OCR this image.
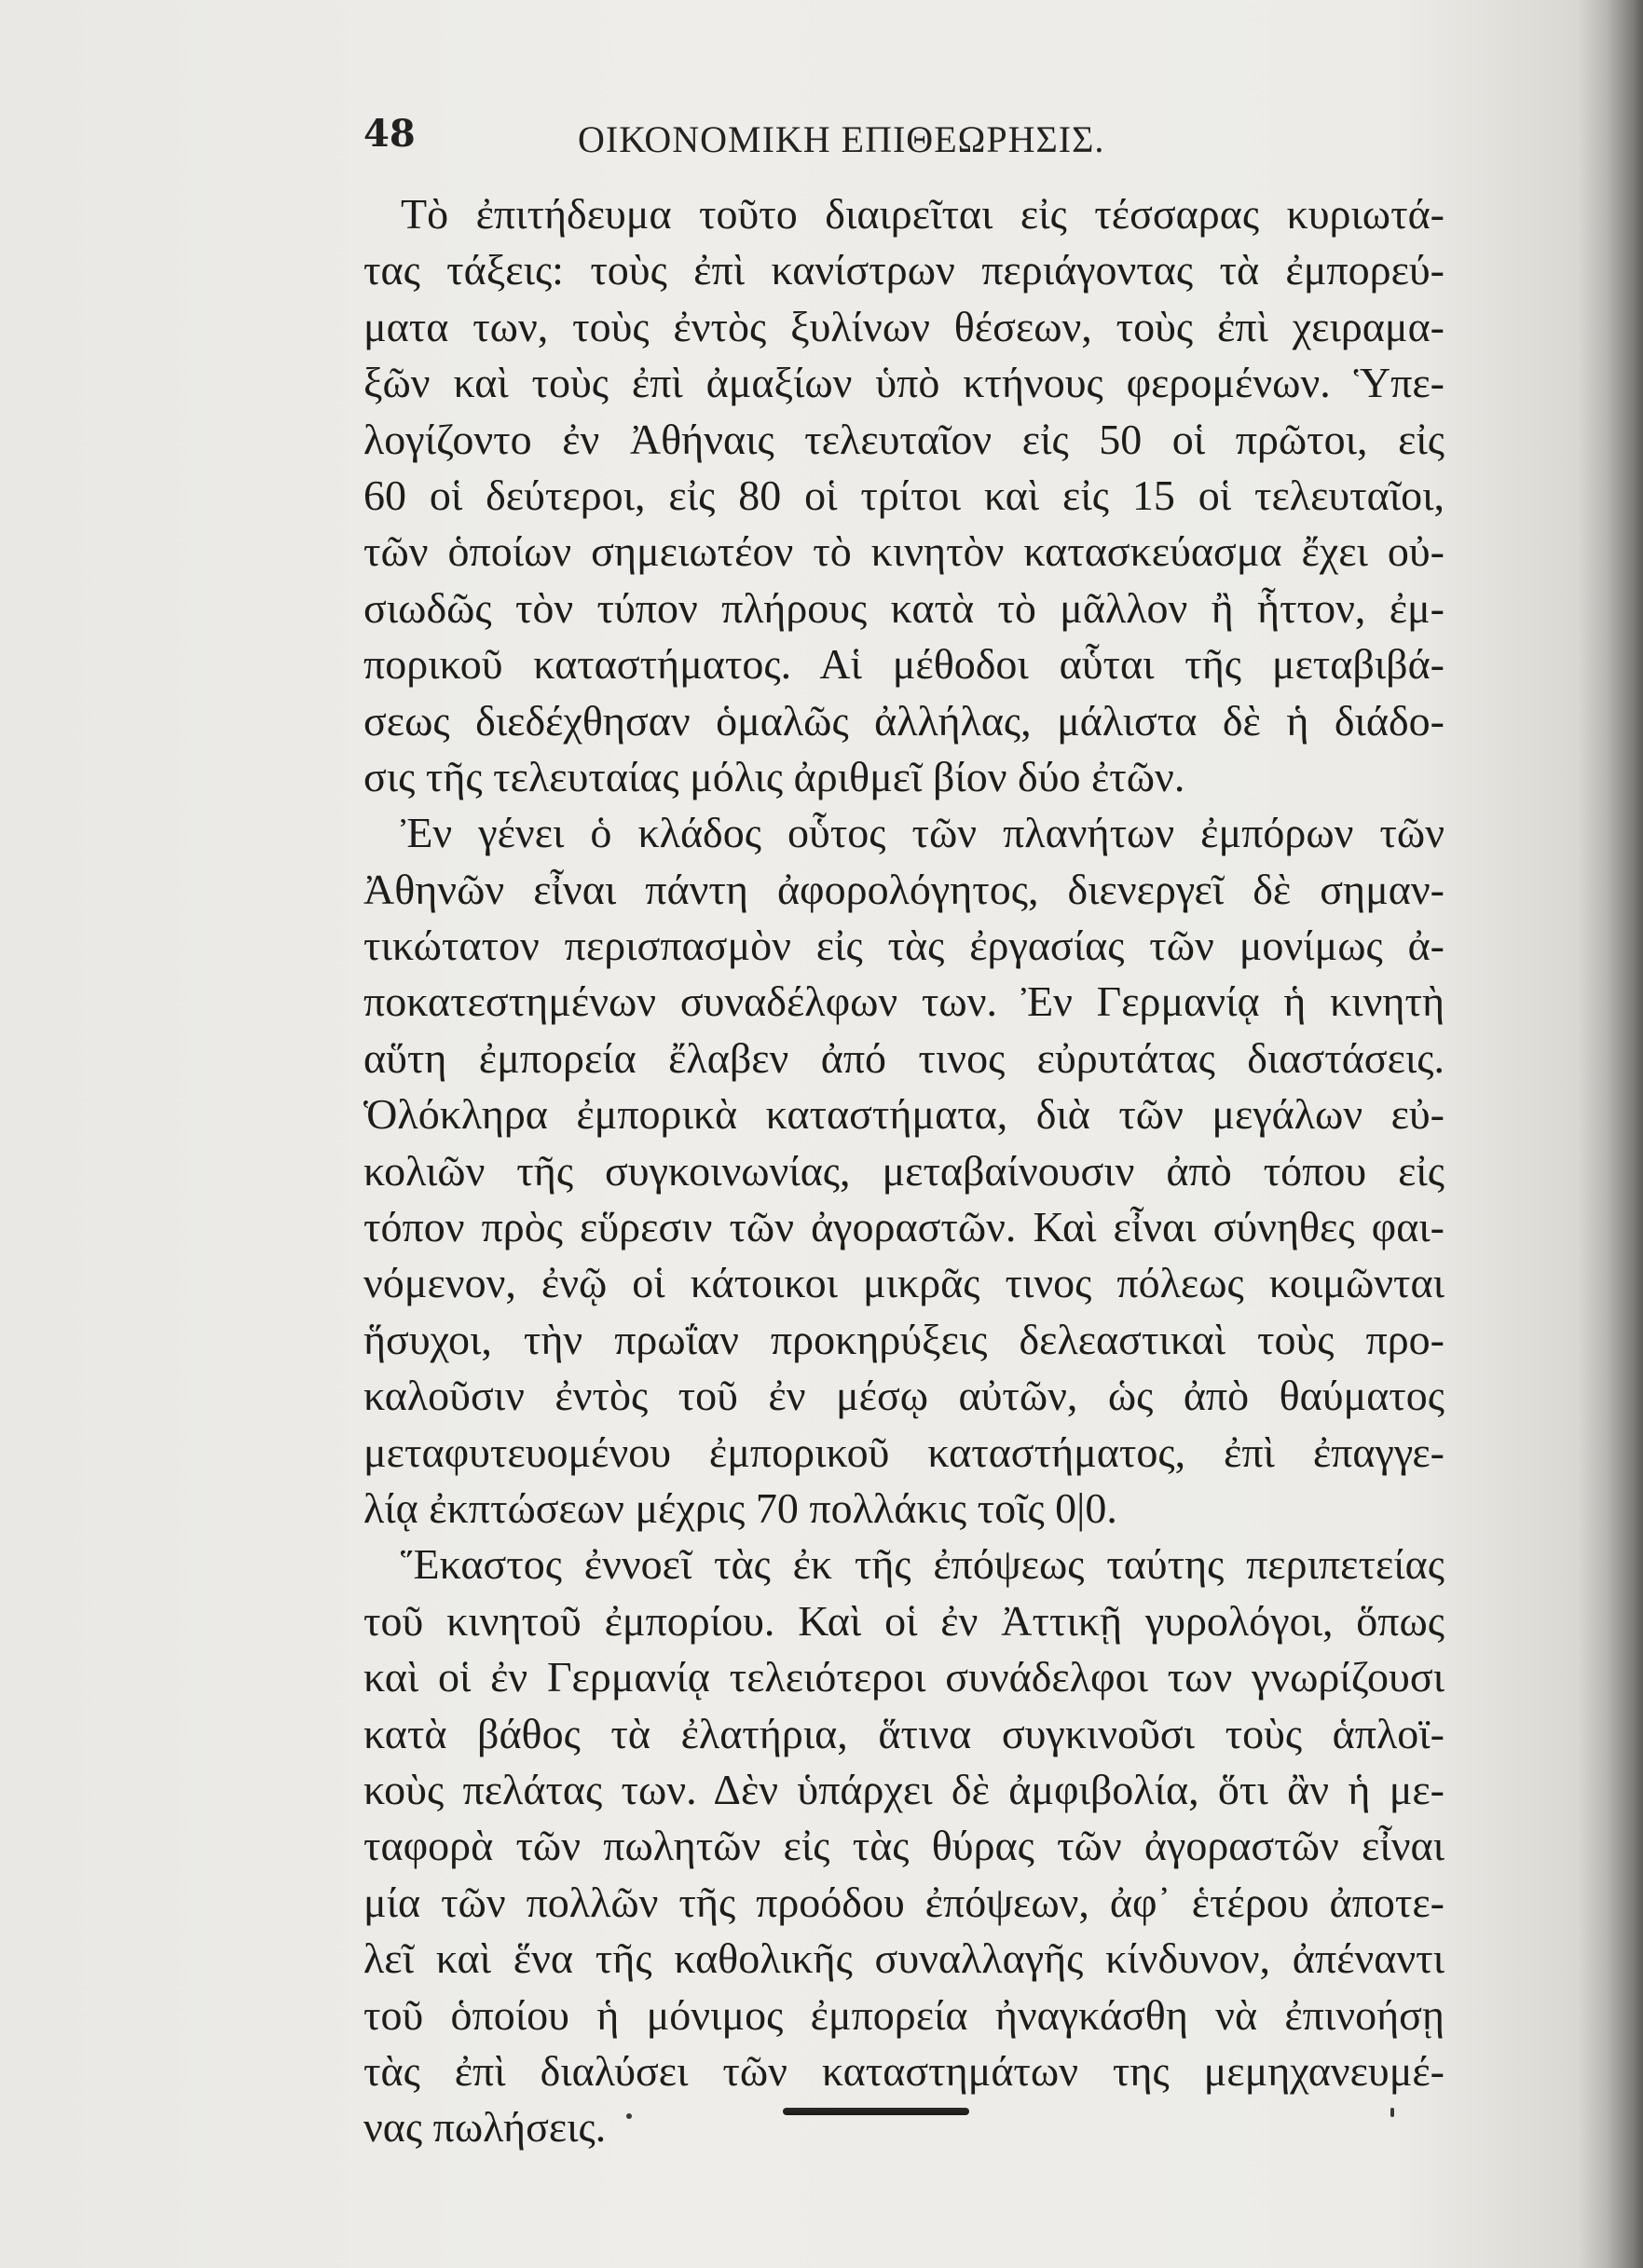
48	ΟΙΚΟΝΟΜΙΚΗ ΕΠΙΘΕΩΡΗΣΙΣ.
Τὸ ἐπιτήδευμα τοῦτο διαιρεῖται εἰς τέσσαρας κυριωτά-
τας τάξεις: τοὺς ἐπὶ κανίστρων περιάγοντας τὰ ἐμπορεύ-
ματα των, τοὺς ἐντὸς ξυλίνων θέσεων, τοὺς ἐπὶ χειραμα-
ξῶν καὶ τοὺς ἐπὶ ἀμαξίων ὑπὸ κτήνους φερομένων. Ὑπε-
λογίζοντο ἐν Ἀθήναις τελευταῖον εἰς 50 οἱ πρῶτοι, εἰς
60 οἱ δεύτεροι, εἰς 80 οἱ τρίτοι καὶ εἰς 15 οἱ τελευταῖοι,
τῶν ὁποίων σημειωτέον τὸ κινητὸν κατασκεύασμα ἔχει οὐ-
σιωδῶς τὸν τύπον πλήρους κατὰ τὸ μᾶλλον ἢ ἧττον, ἐμ-
πορικοῦ καταστήματος. Αἱ μέθοδοι αὗται τῆς μεταβιβά-
σεως διεδέχθησαν ὁμαλῶς ἀλλήλας, μάλιστα δὲ ἡ διάδο-
σις τῆς τελευταίας μόλις ἀριθμεῖ βίον δύο ἐτῶν.
Ἐν γένει ὁ κλάδος οὗτος τῶν πλανήτων ἐμπόρων τῶν
Ἀθηνῶν εἶναι πάντη ἀφορολόγητος, διενεργεῖ δὲ σημαν-
τικώτατον περισπασμὸν εἰς τὰς ἐργασίας τῶν μονίμως ἀ-
ποκατεστημένων συναδέλφων των. Ἐν Γερμανίᾳ ἡ κινητὴ
αὕτη ἐμπορεία ἔλαβεν ἀπό τινος εὐρυτάτας διαστάσεις.
Ὁλόκληρα ἐμπορικὰ καταστήματα, διὰ τῶν μεγάλων εὐ-
κολιῶν τῆς συγκοινωνίας, μεταβαίνουσιν ἀπὸ τόπου εἰς
τόπον πρὸς εὕρεσιν τῶν ἀγοραστῶν. Καὶ εἶναι σύνηθες φαι-
νόμενον, ἐνῷ οἱ κάτοικοι μικρᾶς τινος πόλεως κοιμῶνται
ἥσυχοι, τὴν πρωΐαν προκηρύξεις δελεαστικαὶ τοὺς προ-
καλοῦσιν ἐντὸς τοῦ ἐν μέσῳ αὐτῶν, ὡς ἀπὸ θαύματος
μεταφυτευομένου ἐμπορικοῦ καταστήματος, ἐπὶ ἐπαγγε-
λίᾳ ἐκπτώσεων μέχρις 70 πολλάκις τοῖς 0|0.
Ἕκαστος ἐννοεῖ τὰς ἐκ τῆς ἐπόψεως ταύτης περιπετείας
τοῦ κινητοῦ ἐμπορίου. Καὶ οἱ ἐν Ἀττικῇ γυρολόγοι, ὅπως
καὶ οἱ ἐν Γερμανίᾳ τελειότεροι συνάδελφοι των γνωρίζουσι
κατὰ βάθος τὰ ἐλατήρια, ἅτινα συγκινοῦσι τοὺς ἁπλοϊ-
κοὺς πελάτας των. Δὲν ὑπάρχει δὲ ἀμφιβολία, ὅτι ἂν ἡ με-
ταφορὰ τῶν πωλητῶν εἰς τὰς θύρας τῶν ἀγοραστῶν εἶναι
μία τῶν πολλῶν τῆς προόδου ἐπόψεων, ἀφ᾽ ἑτέρου ἀποτε-
λεῖ καὶ ἕνα τῆς καθολικῆς συναλλαγῆς κίνδυνον, ἀπέναντι
τοῦ ὁποίου ἡ μόνιμος ἐμπορεία ἠναγκάσθη νὰ ἐπινοήσῃ
τὰς ἐπὶ διαλύσει τῶν καταστημάτων της μεμηχανευμέ-
νας πωλήσεις.
